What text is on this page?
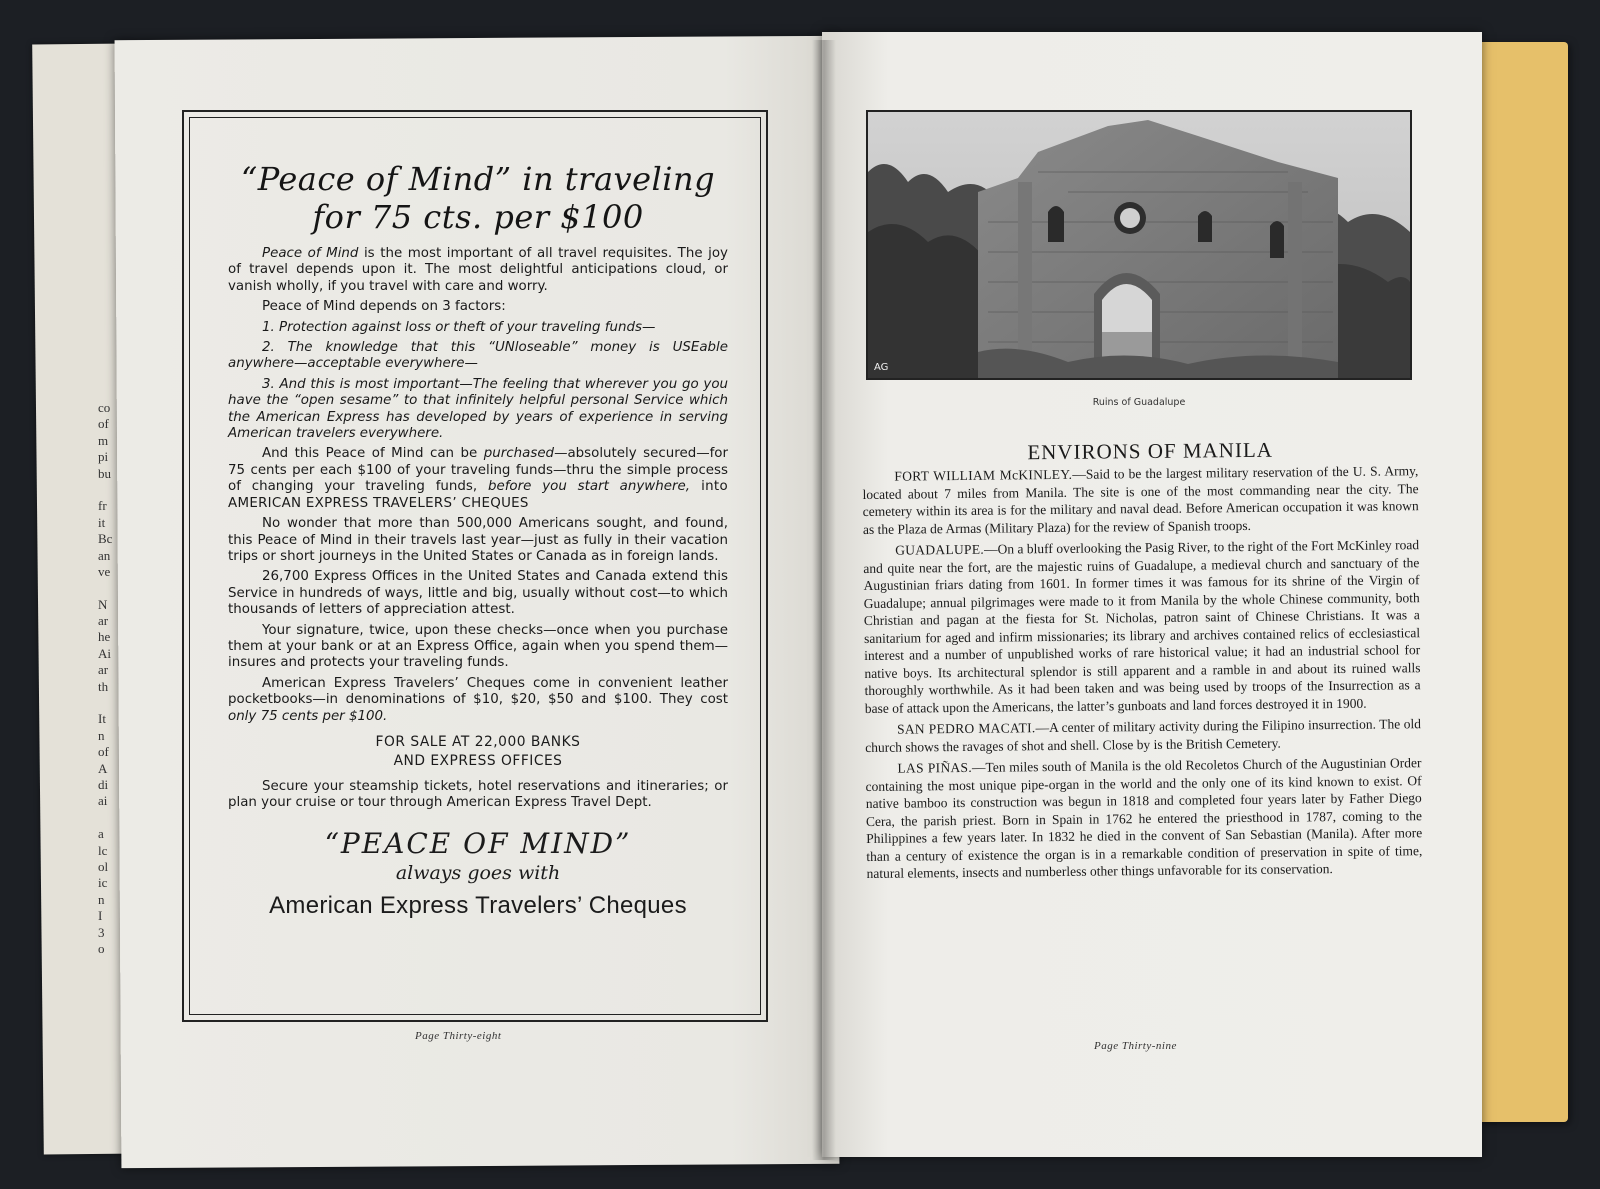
co
of
m
pi
bu
fr
it
Bc
an
ve
N
ar
he
Ai
ar
th
It
n
of
A
di
ai
a
lc
ol
ic
n
I
3
o
“Peace of Mind” in traveling
for 75 cts. per $100

Peace of Mind is the most important of all travel requisites. The joy of travel depends upon it. The most delightful anticipations cloud, or vanish wholly, if you travel with care and worry.

Peace of Mind depends on 3 factors:

1. Protection against loss or theft of your traveling funds—

2. The knowledge that this “UNloseable” money is USEable anywhere—acceptable everywhere—

3. And this is most important—The feeling that wherever you go you have the “open sesame” to that infinitely helpful personal Service which the American Express has developed by years of experience in serving American travelers everywhere.

And this Peace of Mind can be purchased—absolutely secured—for 75 cents per each $100 of your traveling funds—thru the simple process of changing your traveling funds, before you start anywhere, into AMERICAN EXPRESS TRAVELERS’ CHEQUES

No wonder that more than 500,000 Americans sought, and found, this Peace of Mind in their travels last year—just as fully in their vacation trips or short journeys in the United States or Canada as in foreign lands.

26,700 Express Offices in the United States and Canada extend this Service in hundreds of ways, little and big, usually without cost—to which thousands of letters of appreciation attest.

Your signature, twice, upon these checks—once when you purchase them at your bank or at an Express Office, again when you spend them—insures and protects your traveling funds.

American Express Travelers’ Cheques come in convenient leather pocketbooks—in denominations of $10, $20, $50 and $100. They cost only 75 cents per $100.

FOR SALE AT 22,000 BANKS
AND EXPRESS OFFICES
Secure your steamship tickets, hotel reservations and itineraries; or plan your cruise or tour through American Express Travel Dept.
“PEACE OF MIND”
always goes with
American Express Travelers’ Cheques
Page Thirty-eight
AG
Ruins of Guadalupe
ENVIRONS OF MANILA

FORT WILLIAM McKINLEY.—Said to be the largest military reservation of the U. S. Army, located about 7 miles from Manila. The site is one of the most commanding near the city. The cemetery within its area is for the military and naval dead. Before American occupation it was known as the Plaza de Armas (Military Plaza) for the review of Spanish troops.

GUADALUPE.—On a bluff overlooking the Pasig River, to the right of the Fort McKinley road and quite near the fort, are the majestic ruins of Guadalupe, a medieval church and sanctuary of the Augustinian friars dating from 1601. In former times it was famous for its shrine of the Virgin of Guadalupe; annual pilgrimages were made to it from Manila by the whole Chinese community, both Christian and pagan at the fiesta for St. Nicholas, patron saint of Chinese Christians. It was a sanitarium for aged and infirm missionaries; its library and archives contained relics of ecclesiastical interest and a number of unpublished works of rare historical value; it had an industrial school for native boys. Its architectural splendor is still apparent and a ramble in and about its ruined walls thoroughly worthwhile. As it had been taken and was being used by troops of the Insurrection as a base of attack upon the Americans, the latter’s gunboats and land forces destroyed it in 1900.

SAN PEDRO MACATI.—A center of military activity during the Filipino insurrection. The old church shows the ravages of shot and shell. Close by is the British Cemetery.

LAS PIÑAS.—Ten miles south of Manila is the old Recoletos Church of the Augustinian Order containing the most unique pipe-organ in the world and the only one of its kind known to exist. Of native bamboo its construction was begun in 1818 and completed four years later by Father Diego Cera, the parish priest. Born in Spain in 1762 he entered the priesthood in 1787, coming to the Philippines a few years later. In 1832 he died in the convent of San Sebastian (Manila). After more than a century of existence the organ is in a remarkable condition of preservation in spite of time, natural elements, insects and numberless other things unfavorable for its conservation.

Page Thirty-nine
